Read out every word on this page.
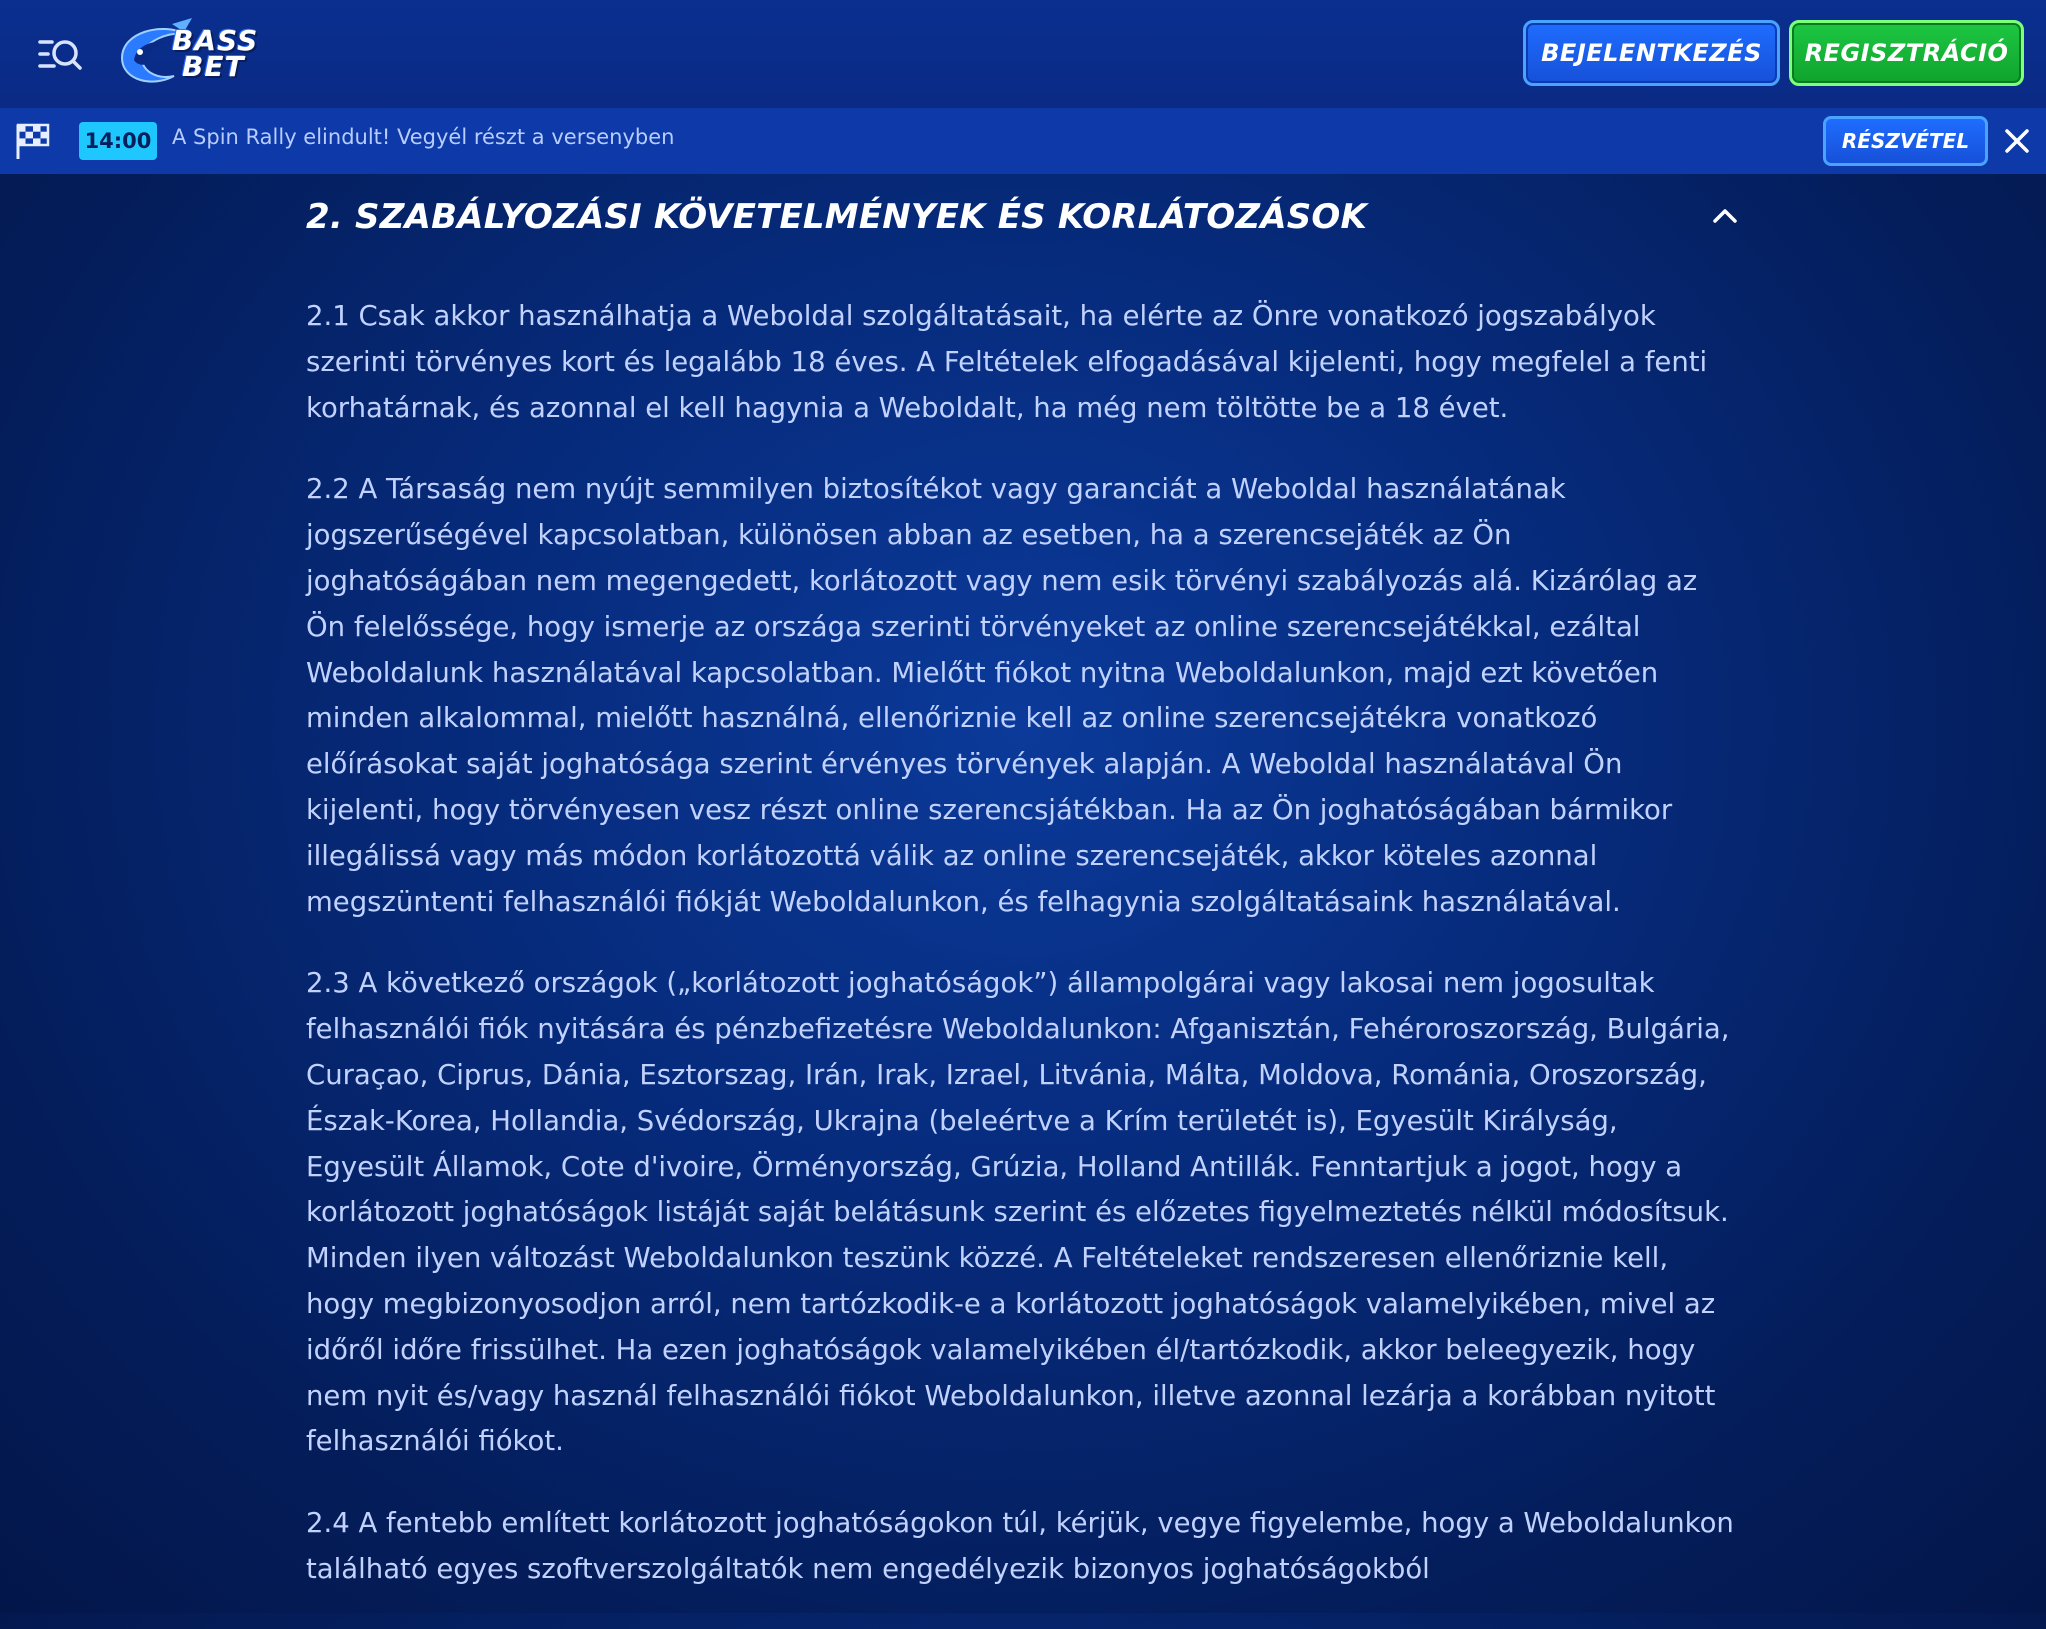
BASS
BET	BEJELENTKEZÉS	REGISZTRÁCIÓ
14:00 A Spin Rally elindult! Vegyél részt a versenyben	RÉSZVÉTEL
2. SZABÁLYOZÁSI KÖVETELMÉNYEK ÉS KORLÁTOZÁSOK

2.1 Csak akkor használhatja a Weboldal szolgáltatásait, ha elérte az Önre vonatkozó jogszabályok szerinti törvényes kort és legalább 18 éves. A Feltételek elfogadásával kijelenti, hogy megfelel a fenti korhatárnak, és azonnal el kell hagynia a Weboldalt, ha még nem töltötte be a 18 évet.

2.2 A Társaság nem nyújt semmilyen biztosítékot vagy garanciát a Weboldal használatának jogszerűségével kapcsolatban, különösen abban az esetben, ha a szerencsejáték az Ön joghatóságában nem megengedett, korlátozott vagy nem esik törvényi szabályozás alá. Kizárólag az Ön felelőssége, hogy ismerje az országa szerinti törvényeket az online szerencsejátékkal, ezáltal Weboldalunk használatával kapcsolatban. Mielőtt fiókot nyitna Weboldalunkon, majd ezt követően minden alkalommal, mielőtt használná, ellenőriznie kell az online szerencsejátékra vonatkozó előírásokat saját joghatósága szerint érvényes törvények alapján. A Weboldal használatával Ön kijelenti, hogy törvényesen vesz részt online szerencsjátékban. Ha az Ön joghatóságában bármikor illegálissá vagy más módon korlátozottá válik az online szerencsejáték, akkor köteles azonnal megszüntenti felhasználói fiókját Weboldalunkon, és felhagynia szolgáltatásaink használatával.

2.3 A következő országok („korlátozott joghatóságok”) állampolgárai vagy lakosai nem jogosultak felhasználói fiók nyitására és pénzbefizetésre Weboldalunkon: Afganisztán, Fehéroroszország, Bulgária, Curaçao, Ciprus, Dánia, Esztorszag, Irán, Irak, Izrael, Litvánia, Málta, Moldova, Románia, Oroszország, Észak-Korea, Hollandia, Svédország, Ukrajna (beleértve a Krím területét is), Egyesült Királyság, Egyesült Államok, Cote d'ivoire, Örményország, Grúzia, Holland Antillák. Fenntartjuk a jogot, hogy a korlátozott joghatóságok listáját saját belátásunk szerint és előzetes figyelmeztetés nélkül módosítsuk. Minden ilyen változást Weboldalunkon teszünk közzé. A Feltételeket rendszeresen ellenőriznie kell, hogy megbizonyosodjon arról, nem tartózkodik-e a korlátozott joghatóságok valamelyikében, mivel az időről időre frissülhet. Ha ezen joghatóságok valamelyikében él/tartózkodik, akkor beleegyezik, hogy nem nyit és/vagy használ felhasználói fiókot Weboldalunkon, illetve azonnal lezárja a korábban nyitott felhasználói fiókot.

2.4 A fentebb említett korlátozott joghatóságokon túl, kérjük, vegye figyelembe, hogy a Weboldalunkon található egyes szoftverszolgáltatók nem engedélyezik bizonyos joghatóságokból
